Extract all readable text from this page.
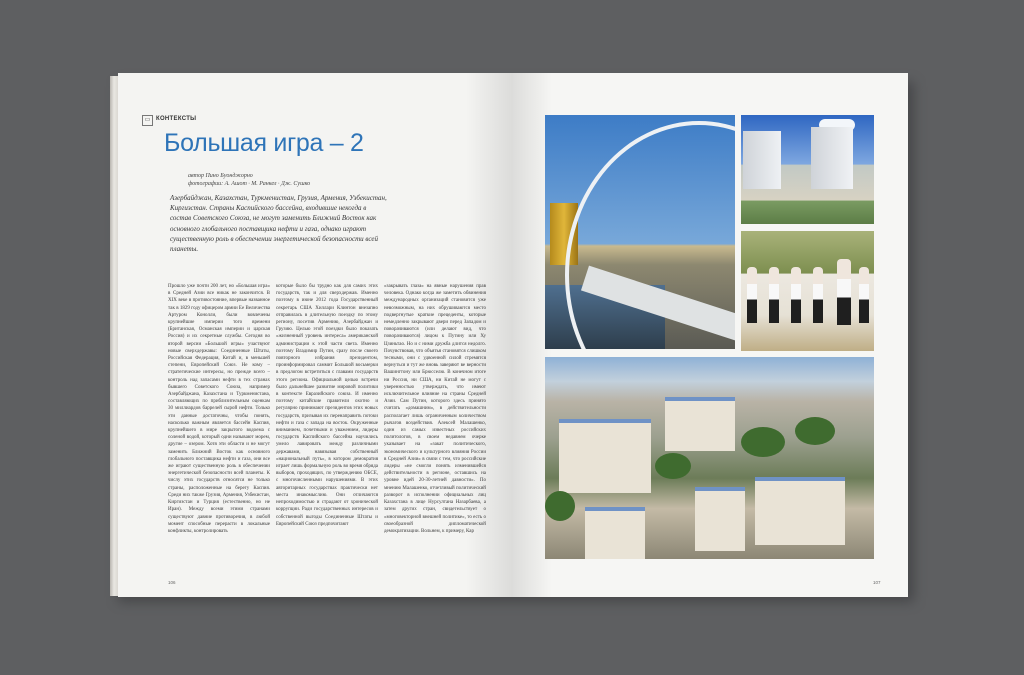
▭ КОНТЕКСТЫ
Большая игра – 2
автор Пино Буонджорно
фотографии: А. Ашот · М. Ранкел · Дж. Сушко
Азербайджан, Казахстан, Туркменистан, Грузия, Армения, Узбекистан, Киргизстан. Страны Каспийского бассейна, входившие некогда в состав Советского Союза, не могут заменить Ближний Восток как основного глобального поставщика нефти и газа, однако играют существенную роль в обеспечении энергетической безопасности всей планеты.
Прошло уже почти 200 лет, но «Большая игра» в Средней Азии все никак не закончится. В XIX веке в противостояние, впервые названное так в 1829 году офицером армии Ее Величества Артуром Конолли, были вовлечены крупнейшие империи того времени (Британская, Османская империи и царская Россия) и их секретные службы. Сегодня во второй версии «Большой игры» участвуют новые сверхдержавы: Соединенные Штаты, Российская Федерация, Китай и, в меньшей степени, Европейский Союз. Не кому – стратегические интересы, но прежде всего – контроль над запасами нефти в тех странах бывшего Советского Союза, например Азербайджана, Казахстана и Туркменистана, составляющих по приблизительным оценкам 30 миллиардов баррелей сырой нефти. Только эти данные достаточны, чтобы понять, насколько важным является бассейн Каспия, крупнейшего в мире закрытого водоема с соленой водой, который одни называют морем, другие – озером. Хотя эти области и не могут заменить Ближний Восток как основного глобального поставщика нефти и газа, они все же играют существенную роль в обеспечении энергетической безопасности всей планеты. К числу этих государств относятся не только страны, расположенные на берегу Каспия. Среди них также Грузия, Армения, Узбекистан, Киргизстан и Турция (естественно, но не Иран). Между всеми этими странами существуют давние противоречия, в любой момент способные перерасти в локальные конфликты, контролировать
которые было бы трудно как для самих этих государств, так и для сверхдержав. Именно поэтому в июне 2012 года Государственный секретарь США Хиллари Клинтон внезапно отправилась в длительную поездку по этому региону, посетив Армению, Азербайджан и Грузию. Целью этой поездки было показать «жизненный уровень интереса» американской администрации к этой части света. Именно поэтому Владимир Путин, сразу после своего повторного избрания президентом, проинформировал саммит Большой восьмерки в предлогом встретиться с главами государств этого региона. Официальной целью встречи было дальнейшее развитие мировой политики в контексте Евразийского союза. И именно поэтому китайские правители охотно и регулярно принимают президентов этих новых государств, призывая их перенаправить потоки нефти и газа с запада на восток. Окруженные вниманием, почетными и уважением, лидеры государств Каспийского бассейна научились умело лавировать между различными державами, навязывая собственный «национальный путь», в котором демократия играет лишь формальную роль во время обряда выборов, проходящих, по утверждению ОБСЕ, с многочисленными нарушениями. В этих авторитарных государствах практически нет места инакомыслию. Они отличаются непроходимостью и страдают от хронической коррупции. Ради государственных интересов и собственной выгоды Соединенные Штаты и Европейский Союз предпочитают
«закрывать глаза» на явные нарушения прав человека. Однако когда же заметить обвинения международных организаций становится уже невозможным, на них обрушиваются место подвергнутые краткие прецеденты, которые немедленно закрывают двери перед Западом и поворачиваются (или делают вид, что поворачиваются) лицом к Путину или Ху Цзиньтао. Но и с ними дружба длится недолго. Почувствовав, что объятья становятся слишком тесными, они с удвоенной силой стремятся вернуться и тут же вновь заверяют ве верности Вашингтону или Брюсселю. В конечном итоге ни Россия, ни США, ни Китай не могут с уверенностью утверждать, что имеют исключительное влияние на страны Средней Азии. Сам Путин, которого здесь принято считать «домашним», в действительности располагает лишь ограниченным количеством рычагов воздействия. Алексей Малашенко, один из самых известных российских политологов, в своем недавнем очерке указывает на «закат политического, экономического и культурного влияния России в Средней Азии» в связи с тем, что российские лидеры «не смогли понять изменившейся действительности в регионе, оставшись на уровне идей 20-30-летней давности». По мнению Малашенко, отчетливый политический разворот в исполнении официальных лиц Казахстана в лице Нурсултана Назарбаева, а затем других стран, свидетельствует о «многовекторной внешней политике», то есть о своеобразной дипломатической демократизации. Вольнем, к примеру, Кар
106	107
